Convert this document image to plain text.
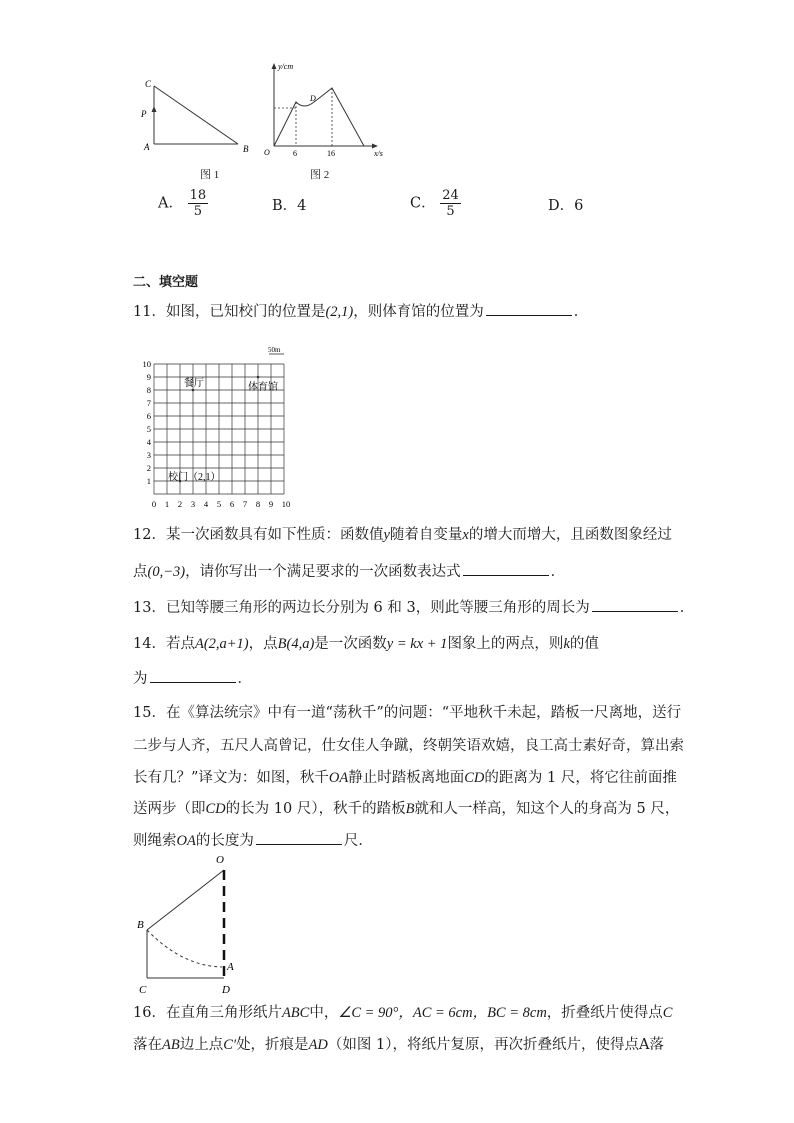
C
P
A	B
图 1
y/cm
x/s
O
D
6	16
图 2
A． $\frac{18}{5}$	B．4	C． $\frac{24}{5}$	D．6
二、填空题
11．如图，已知校门的位置是(2,1)，则体育馆的位置为	．
50m
餐厅	体育馆
校门（2,1）
10
9
8
7
6
5
4
3
2
1
0 1 2 3 4 5 6 7 8 9 10
12．某一次函数具有如下性质：函数值y随着自变量x的增大而增大，且函数图象经过
点(0,−3)，请你写出一个满足要求的一次函数表达式	．
13．已知等腰三角形的两边长分别为 6 和 3，则此等腰三角形的周长为	．
14．若点A(2,a+1)，点B(4,a)是一次函数y = kx + 1图象上的两点，则k的值
为	．
15．在《算法统宗》中有一道“荡秋千”的问题：“平地秋千未起，踏板一尺离地，送行
二步与人齐，五尺人高曾记，仕女佳人争蹴，终朝笑语欢嬉，良工高士素好奇，算出索
长有几？”译文为：如图，秋千OA静止时踏板离地面CD的距离为 1 尺，将它往前面推
送两步（即CD的长为 10 尺），秋千的踏板B就和人一样高，知这个人的身高为 5 尺，
则绳索OA的长度为	尺．
O
B
A
C	D
16．在直角三角形纸片ABC中，∠C = 90°，AC = 6cm，BC = 8cm，折叠纸片使得点C
落在AB边上点C′处，折痕是AD（如图 1），将纸片复原，再次折叠纸片，使得点A落
